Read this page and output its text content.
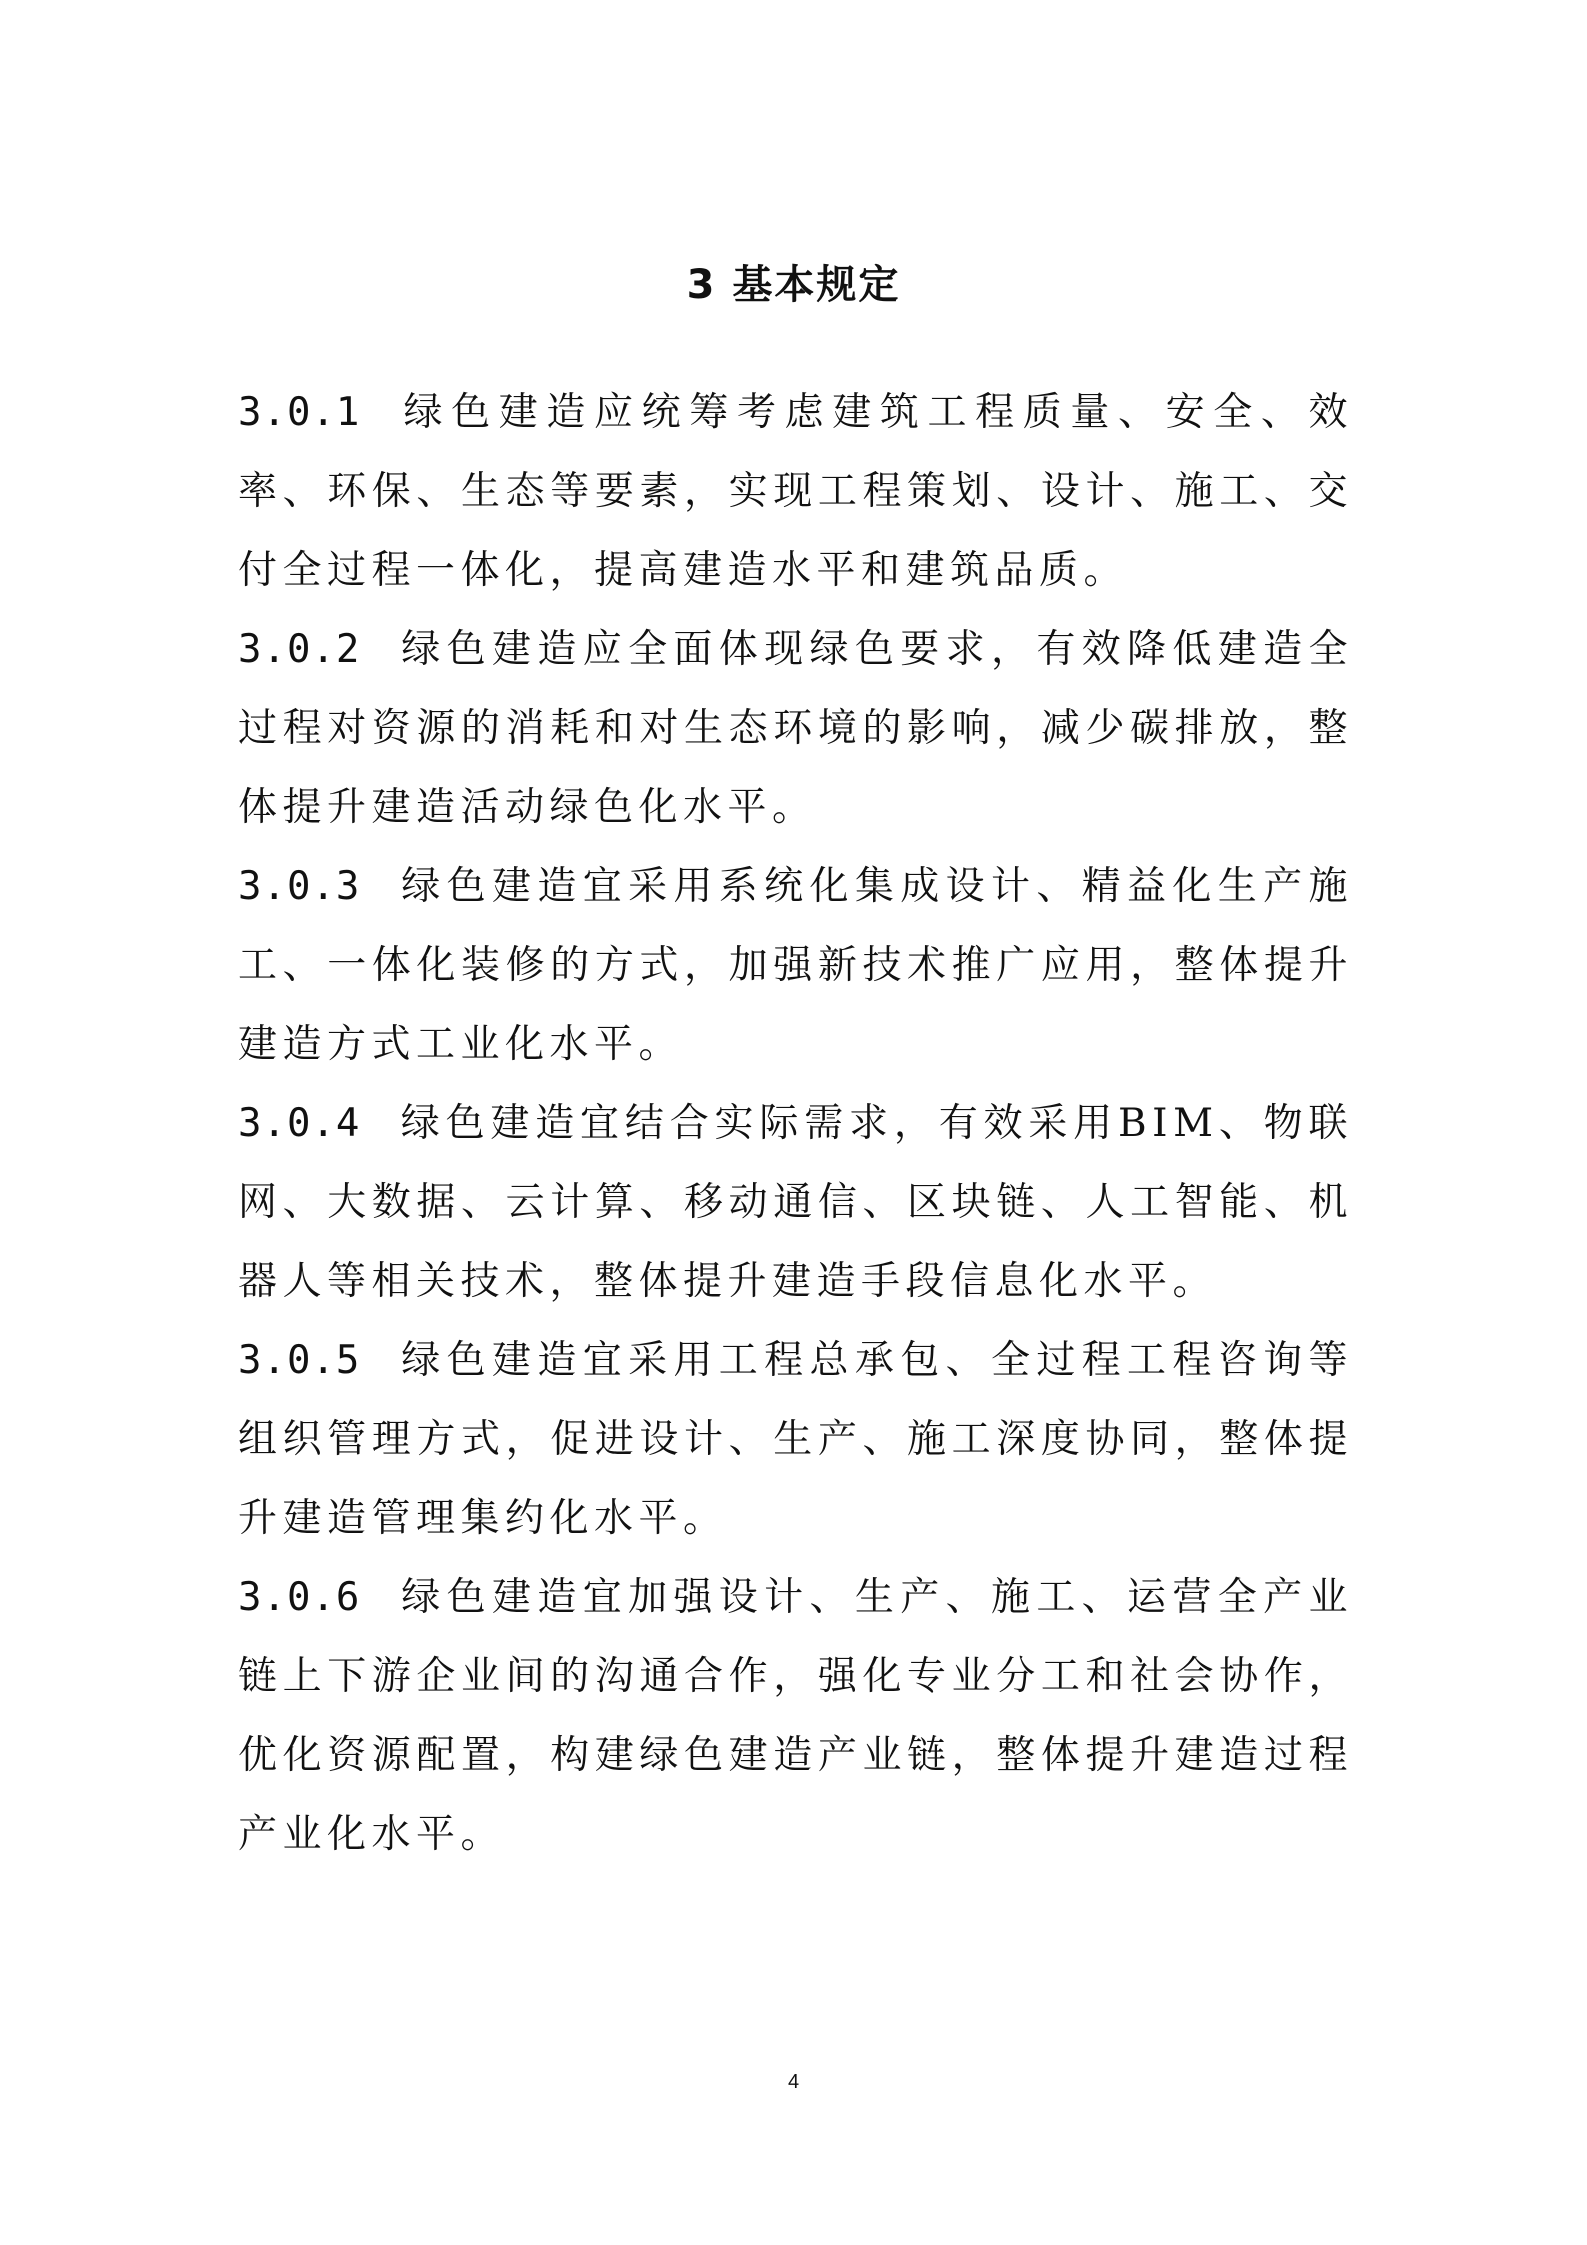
3 基本规定

3.0.1 绿色建造应统筹考虑建筑工程质量、安全、效率、环保、生态等要素，实现工程策划、设计、施工、交付全过程一体化，提高建造水平和建筑品质。

3.0.2 绿色建造应全面体现绿色要求，有效降低建造全过程对资源的消耗和对生态环境的影响，减少碳排放，整体提升建造活动绿色化水平。

3.0.3 绿色建造宜采用系统化集成设计、精益化生产施工、一体化装修的方式，加强新技术推广应用，整体提升建造方式工业化水平。

3.0.4 绿色建造宜结合实际需求，有效采用BIM、物联网、大数据、云计算、移动通信、区块链、人工智能、机器人等相关技术，整体提升建造手段信息化水平。

3.0.5 绿色建造宜采用工程总承包、全过程工程咨询等组织管理方式，促进设计、生产、施工深度协同，整体提升建造管理集约化水平。

3.0.6 绿色建造宜加强设计、生产、施工、运营全产业链上下游企业间的沟通合作，强化专业分工和社会协作，优化资源配置，构建绿色建造产业链，整体提升建造过程产业化水平。

4
